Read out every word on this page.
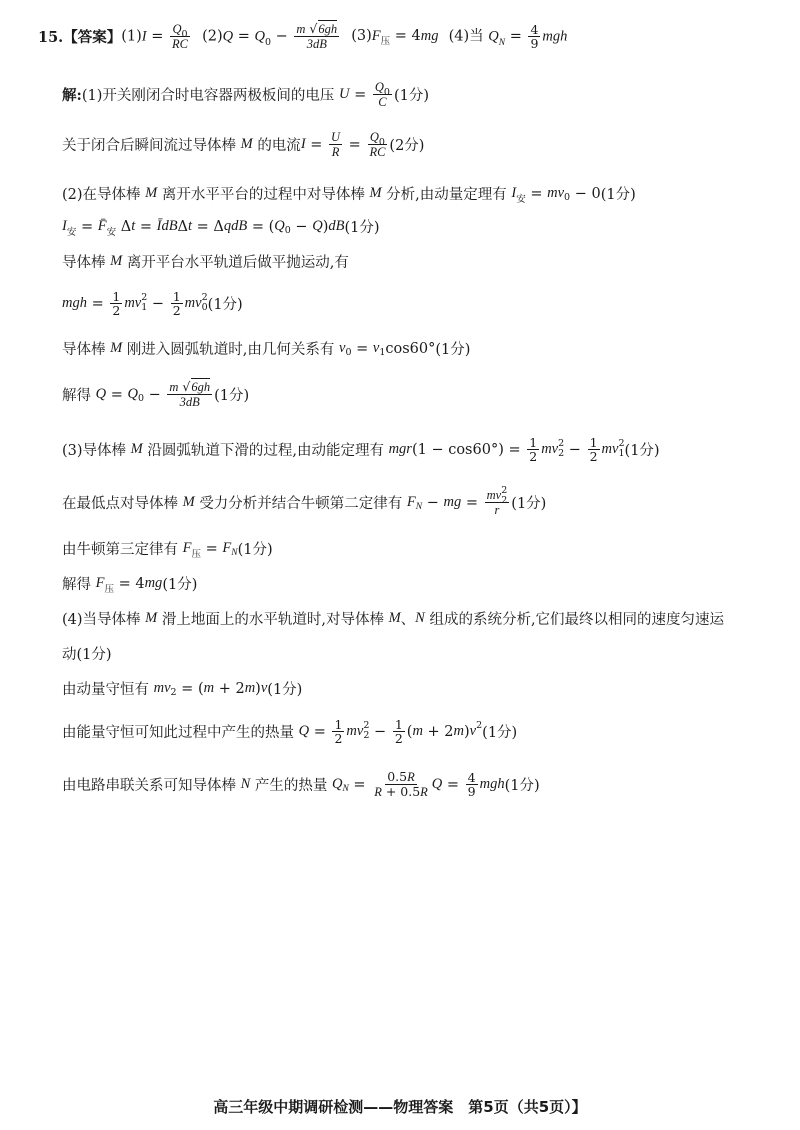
15.【答案】 $(1)I = \frac{Q_0}{RC}$
$(2)Q = Q_0 - \frac{m √6gh}{3dB}$
$(3)F_压 = 4mg$
(4)当 $Q_N = \frac{4}{9}$ mgh
解: (1)开关刚闭合时电容器两极板间的电压
$U = \frac{Q_0}{C} (1$分)
关于闭合后瞬间流过导体棒
M
的电流 $I = \frac{U}{R} = \frac{Q_0}{RC} (2$分)
(2)在导体棒
M
离开水平平台的过程中对导体棒
M
分析,由动量定理有
I 安 = mv 0 − 0 (1分)
I 安 = F̄ 安 Δ t = ĪdB Δ t = Δ qdB = ( Q 0 − Q ) dB (1分)
导体棒
M
离开平台水平轨道后做平抛运动,有
mgh = $\frac{1}{2}$ mv 2
$1 - \frac{1}{2}$ mv 2
0 (1分)
导体棒
M
刚进入圆弧轨道时,由几何关系有
v 0 = v 1 cos60° (1分)
解得
Q = Q $0 - \frac{m √6gh}{3dB} (1$分)
(3)导体棒
M
沿圆弧轨道下滑的过程,由动能定理有
mgr $(1 - \cos 60^\circ) = \frac{1}{2}$ mv 2
$2 - \frac{1}{2}$ mv 2
1 (1分)
在最低点对导体棒
M
受力分析并结合牛顿第二定律有
F N − mg = $\frac{mv^2_2}{r} (1$分)
由牛顿第三定律有
F 压 = F N (1分)
解得
F 压 = 4 mg (1分)
(4)当导体棒
M
滑上地面上的水平轨道时,对导体棒
M 、 N
组成的系统分析,它们最终以相同的速度匀速运
动(1分)
由动量守恒有
mv 2 = ( m + 2 m ) v (1分)
由能量守恒可知此过程中产生的热量
$Q = \frac{1}{2}$ mv 2
$2 - \frac{1}{2}$ ( m + 2 m ) v 2 (1分)
由电路串联关系可知导体棒
N
产生的热量
Q $N = \frac{0.5R}{R + 0.5R}$ $Q = \frac{4}{9}$ mgh (1分)
高三年级中期调研检测——物理答案　第5页（共5页）】
